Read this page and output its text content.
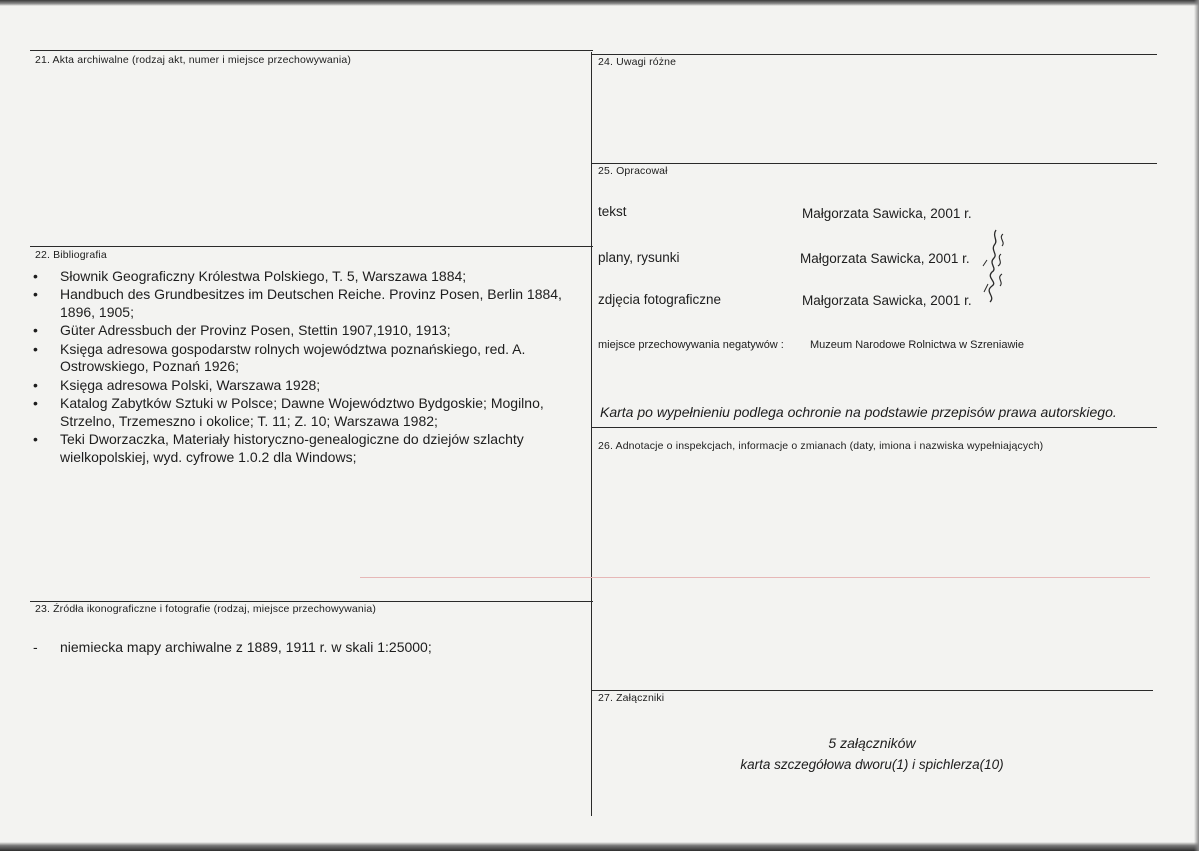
21. Akta archiwalne (rodzaj akt, numer i miejsce przechowywania)
22. Bibliografia
• Słownik Geograficzny Królestwa Polskiego, T. 5, Warszawa 1884;
• Handbuch des Grundbesitzes im Deutschen Reiche. Provinz Posen, Berlin 1884, 1896, 1905;
• Güter Adressbuch der Provinz Posen, Stettin 1907,1910, 1913;
• Księga adresowa gospodarstw rolnych województwa poznańskiego, red. A. Ostrowskiego, Poznań 1926;
• Księga adresowa Polski, Warszawa 1928;
• Katalog Zabytków Sztuki w Polsce; Dawne Województwo Bydgoskie; Mogilno, Strzelno, Trzemeszno i okolice; T. 11; Z. 10; Warszawa 1982;
• Teki Dworzaczka, Materiały historyczno-genealogiczne do dziejów szlachty wielkopolskiej, wyd. cyfrowe 1.0.2 dla Windows;
23. Źródła ikonograficzne i fotografie (rodzaj, miejsce przechowywania)
- niemiecka mapy archiwalne z 1889, 1911 r. w skali 1:25000;
24. Uwagi różne
25. Opracował
tekst	Małgorzata Sawicka, 2001 r.
plany, rysunki	Małgorzata Sawicka, 2001 r.
zdjęcia fotograficzne	Małgorzata Sawicka, 2001 r.
miejsce przechowywania negatywów : Muzeum Narodowe Rolnictwa w Szreniawie
Karta po wypełnieniu podlega ochronie na podstawie przepisów prawa autorskiego.
26. Adnotacje o inspekcjach, informacje o zmianach (daty, imiona i nazwiska wypełniających)
27. Załączniki
5 załączników
karta szczegółowa dworu(1) i spichlerza(10)
